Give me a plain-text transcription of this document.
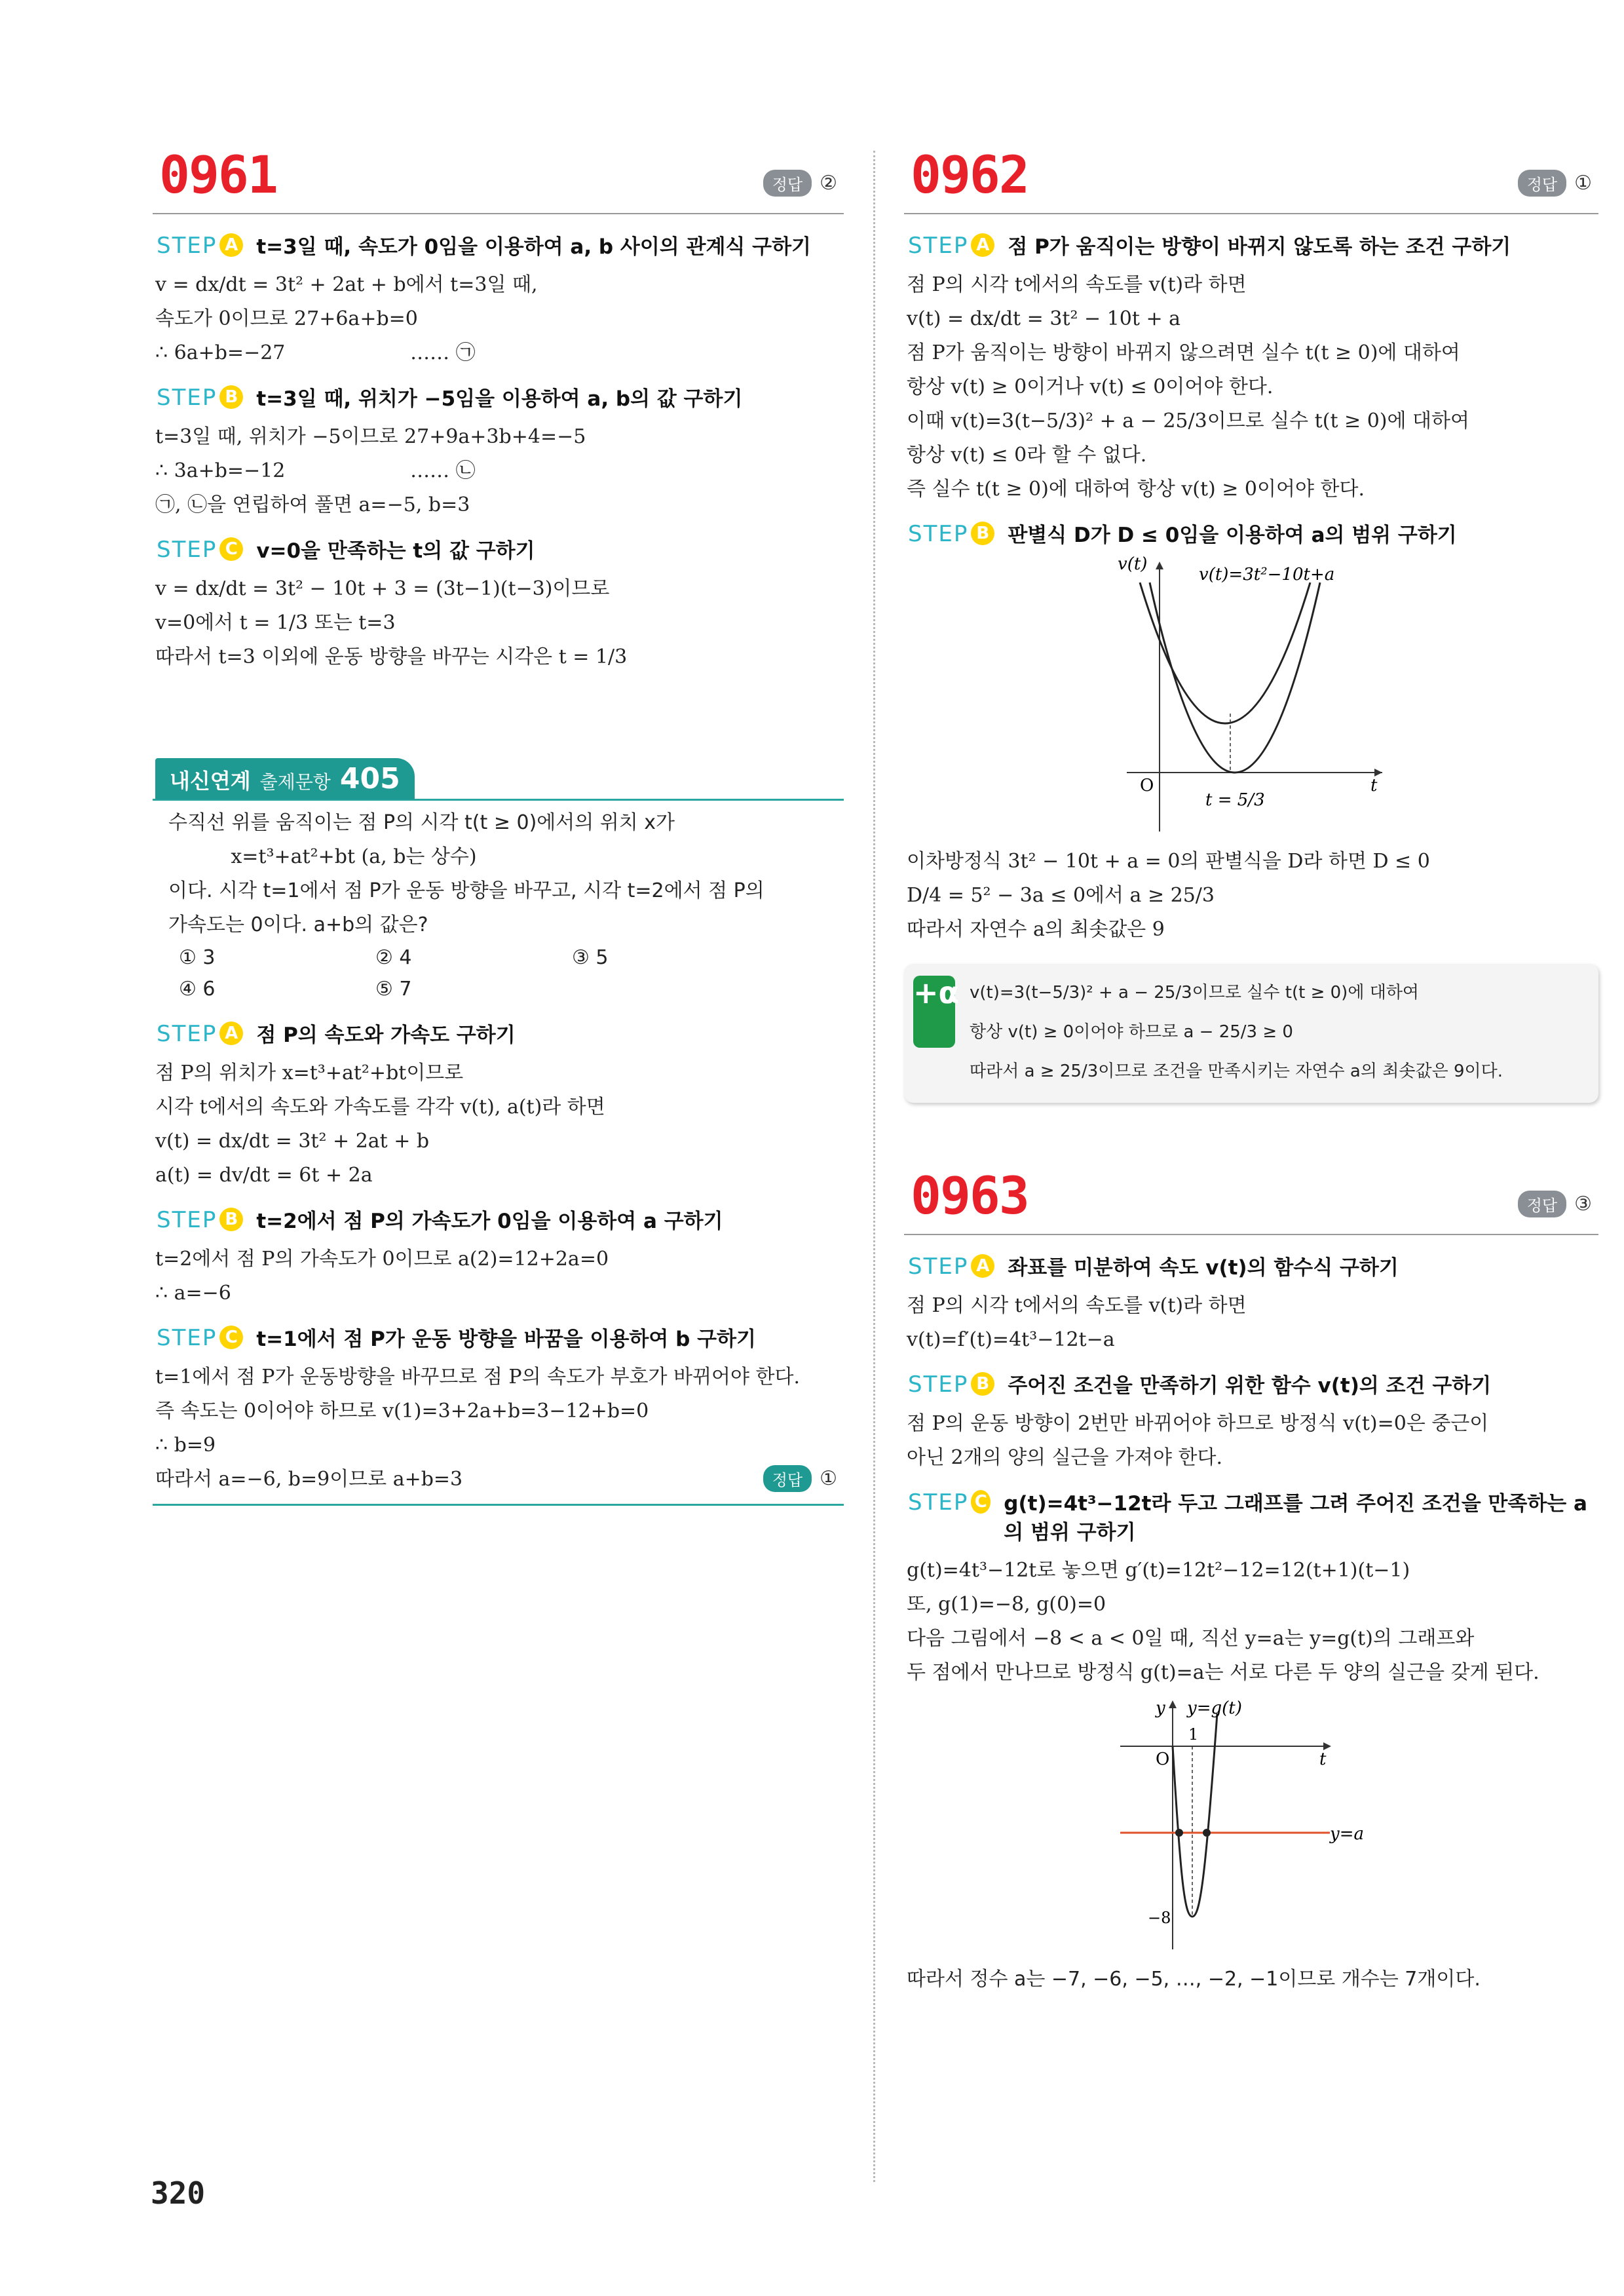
0961	정답 ②
STEP A t=3일 때, 속도가 0임을 이용하여 a, b 사이의 관계식 구하기
v = dx/dt = 3t² + 2at + b에서 t=3일 때,
속도가 0이므로 27+6a+b=0
∴ 6a+b=−27                    …… ㉠
STEP B t=3일 때, 위치가 −5임을 이용하여 a, b의 값 구하기
t=3일 때, 위치가 −5이므로 27+9a+3b+4=−5
∴ 3a+b=−12                    …… ㉡
㉠, ㉡을 연립하여 풀면 a=−5, b=3
STEP C v=0을 만족하는 t의 값 구하기
v = dx/dt = 3t² − 10t + 3 = (3t−1)(t−3)이므로
v=0에서 t = 1/3 또는 t=3
따라서 t=3 이외에 운동 방향을 바꾸는 시각은 t = 1/3
내신연계 출제문항 405
수직선 위를 움직이는 점 P의 시각 t(t ≥ 0)에서의 위치 x가
x=t³+at²+bt (a, b는 상수)
이다. 시각 t=1에서 점 P가 운동 방향을 바꾸고, 시각 t=2에서 점 P의
가속도는 0이다. a+b의 값은?
① 3	② 4	③ 5
④ 6	⑤ 7
STEP A 점 P의 속도와 가속도 구하기
점 P의 위치가 x=t³+at²+bt이므로
시각 t에서의 속도와 가속도를 각각 v(t), a(t)라 하면
v(t) = dx/dt = 3t² + 2at + b
a(t) = dv/dt = 6t + 2a
STEP B t=2에서 점 P의 가속도가 0임을 이용하여 a 구하기
t=2에서 점 P의 가속도가 0이므로 a(2)=12+2a=0
∴ a=−6
STEP C t=1에서 점 P가 운동 방향을 바꿈을 이용하여 b 구하기
t=1에서 점 P가 운동방향을 바꾸므로 점 P의 속도가 부호가 바뀌어야 한다.
즉 속도는 0이어야 하므로 v(1)=3+2a+b=3−12+b=0
∴ b=9
따라서 a=−6, b=9이므로 a+b=3	정답 ①
0962	정답 ①
STEP A 점 P가 움직이는 방향이 바뀌지 않도록 하는 조건 구하기
점 P의 시각 t에서의 속도를 v(t)라 하면
v(t) = dx/dt = 3t² − 10t + a
점 P가 움직이는 방향이 바뀌지 않으려면 실수 t(t ≥ 0)에 대하여
항상 v(t) ≥ 0이거나 v(t) ≤ 0이어야 한다.
이때 v(t)=3(t−5/3)² + a − 25/3이므로 실수 t(t ≥ 0)에 대하여
항상 v(t) ≤ 0라 할 수 없다.
즉 실수 t(t ≥ 0)에 대하여 항상 v(t) ≥ 0이어야 한다.
STEP B 판별식 D가 D ≤ 0임을 이용하여 a의 범위 구하기
v(t)
v(t)=3t²−10t+a
O	t
t = 5/3
이차방정식 3t² − 10t + a = 0의 판별식을 D라 하면 D ≤ 0
D/4 = 5² − 3a ≤ 0에서 a ≥ 25/3
따라서 자연수 a의 최솟값은 9
+α v(t)=3(t−5/3)² + a − 25/3이므로 실수 t(t ≥ 0)에 대하여
항상 v(t) ≥ 0이어야 하므로 a − 25/3 ≥ 0
따라서 a ≥ 25/3이므로 조건을 만족시키는 자연수 a의 최솟값은 9이다.
0963	정답 ③
STEP A 좌표를 미분하여 속도 v(t)의 함수식 구하기
점 P의 시각 t에서의 속도를 v(t)라 하면
v(t)=f′(t)=4t³−12t−a
STEP B 주어진 조건을 만족하기 위한 함수 v(t)의 조건 구하기
점 P의 운동 방향이 2번만 바뀌어야 하므로 방정식 v(t)=0은 중근이
아닌 2개의 양의 실근을 가져야 한다.
STEP C g(t)=4t³−12t라 두고 그래프를 그려 주어진 조건을 만족하는 a의 범위 구하기
g(t)=4t³−12t로 놓으면 g′(t)=12t²−12=12(t+1)(t−1)
또, g(1)=−8, g(0)=0
다음 그림에서 −8 < a < 0일 때, 직선 y=a는 y=g(t)의 그래프와
두 점에서 만나므로 방정식 g(t)=a는 서로 다른 두 양의 실근을 갖게 된다.
y y=g(t)
1
O	t
−8
y=a
따라서 정수 a는 −7, −6, −5, …, −2, −1이므로 개수는 7개이다.
320
